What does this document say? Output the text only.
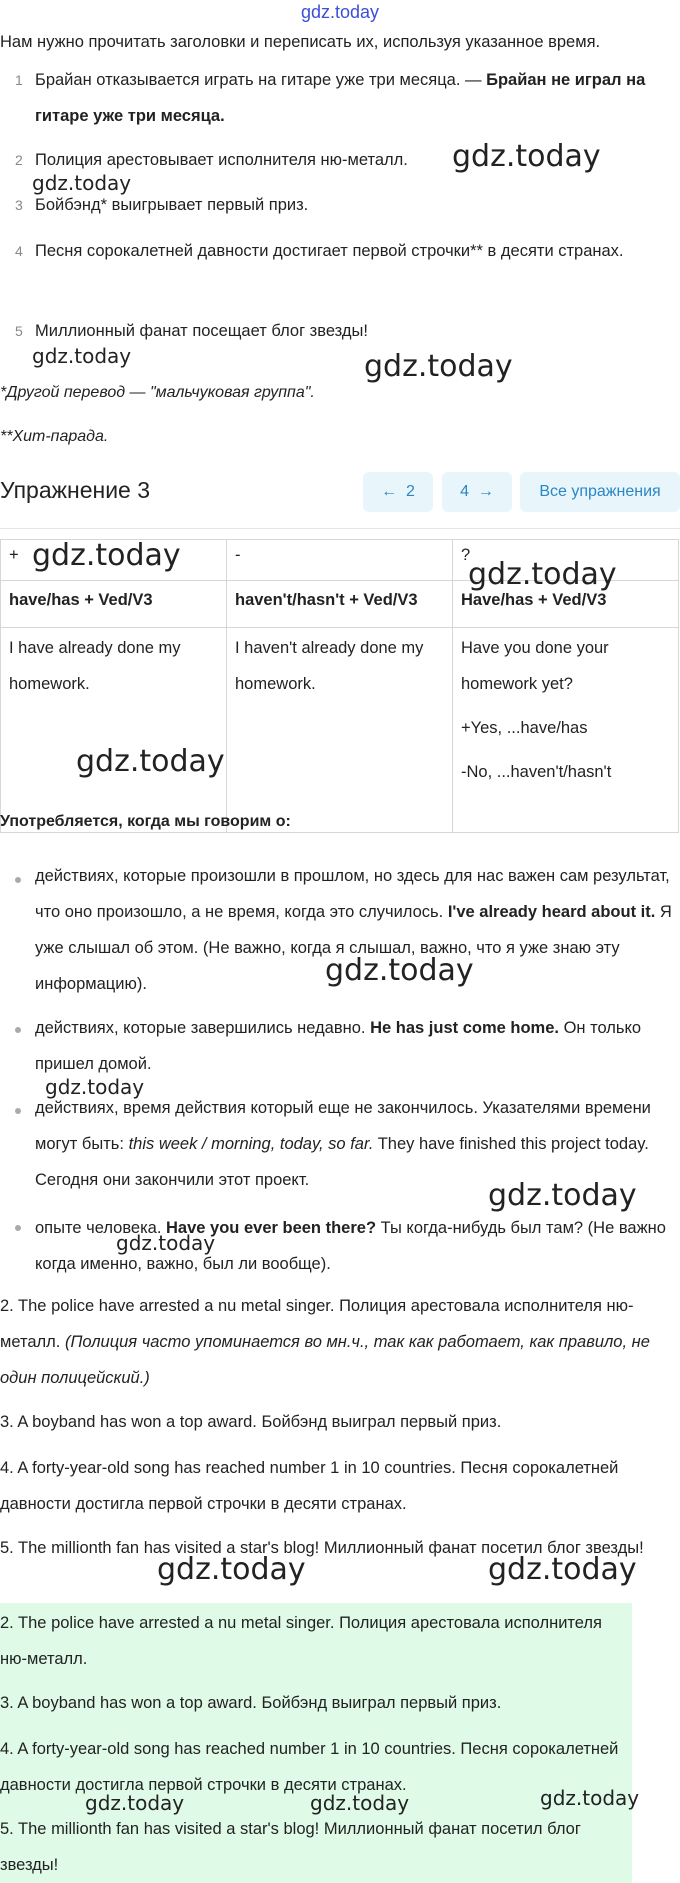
gdz.today
Нам нужно прочитать заголовки и переписать их, используя указанное время.
1 Брайан отказывается играть на гитаре уже три месяца. — Брайан не играл на гитаре уже три месяца.
2 Полиция арестовывает исполнителя ню-металл.
3 Бойбэнд* выигрывает первый приз.
4 Песня сорокалетней давности достигает первой строчки** в десяти странах.
5 Миллионный фанат посещает блог звезды!
*Другой перевод — "мальчуковая группа".
**Хит-парада.
Упражнение 3	← 2	4 →	Все упражнения
+	-	?
have/has + Ved/V3	haven't/hasn't + Ved/V3	Have/has + Ved/V3
I have already done my homework.	I haven't already done my homework.	Have you done your homework yet?
+Yes, ...have/has
-No, ...haven't/hasn't
Употребляется, когда мы говорим о:
действиях, которые произошли в прошлом, но здесь для нас важен сам результат, что оно произошло, а не время, когда это случилось. I've already heard about it. Я уже слышал об этом. (Не важно, когда я слышал, важно, что я уже знаю эту информацию).
действиях, которые завершились недавно. He has just come home. Он только пришел домой.
действиях, время действия который еще не закончилось. Указателями времени могут быть: this week / morning, today, so far. They have finished this project today. Сегодня они закончили этот проект.
опыте человека. Have you ever been there? Ты когда-нибудь был там? (Не важно когда именно, важно, был ли вообще).
2. The police have arrested a nu metal singer. Полиция арестовала исполнителя ню-металл. (Полиция часто упоминается во мн.ч., так как работает, как правило, не один полицейский.)
3. A boyband has won a top award. Бойбэнд выиграл первый приз.
4. A forty-year-old song has reached number 1 in 10 countries. Песня сорокалетней давности достигла первой строчки в десяти странах.
5. The millionth fan has visited a star's blog! Миллионный фанат посетил блог звезды!
2. The police have arrested a nu metal singer. Полиция арестовала исполнителя ню-металл.
3. A boyband has won a top award. Бойбэнд выиграл первый приз.
4. A forty-year-old song has reached number 1 in 10 countries. Песня сорокалетней давности достигла первой строчки в десяти странах.
5. The millionth fan has visited a star's blog! Миллионный фанат посетил блог звезды!
gdz.today
gdz.today
gdz.today	gdz.today
gdz.today
gdz.today
gdz.today
gdz.today
gdz.today
gdz.today
gdz.today
gdz.today	gdz.today
gdz.today	gdz.today	gdz.today
